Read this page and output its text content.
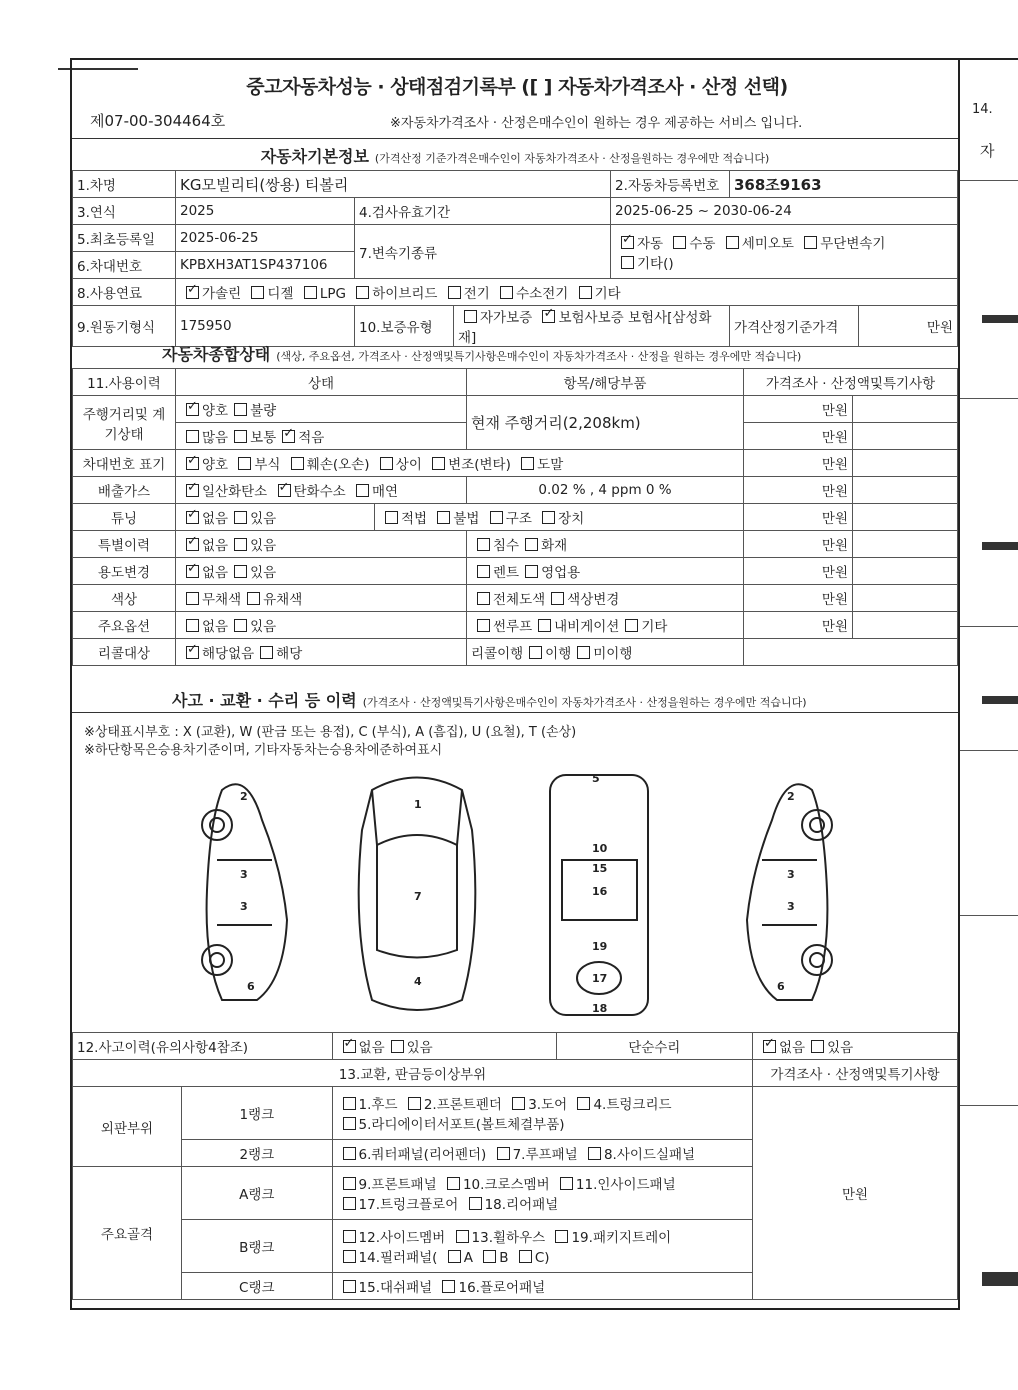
중고자동차성능 · 상태점검기록부 ([ ] 자동차가격조사 · 산정 선택)
제07-00-304464호	※자동차가격조사 · 산정은매수인이 원하는 경우 제공하는 서비스 입니다.
자동차기본정보 (가격산정 기준가격은매수인이 자동차가격조사 · 산정을원하는 경우에만 적습니다)
1.차명	KG모빌리티(쌍용) 티볼리			2.자동차등록번호	368조9163	
3.연식	2025	4.검사유효기간		2025-06-25 ~ 2030-06-24		
5.최초등록일	2025-06-25	7.변속기종류	✓자동 수동 세미오토 무단변속기
기타()
6.차대번호	KPBXH3AT1SP437106					
8.사용연료	✓가솔린 디젤 LPG 하이브리드 전기 수소전기 기타
9.원동기형식	175950	10.보증유형	자가보증 ✓ 보험사보증 보험사[삼성화재]		가격산정기준가격	만원
자동차종합상태 (색상, 주요옵션, 가격조사 · 산정액및특기사항은매수인이 자동차가격조사 · 산정을 원하는 경우에만 적습니다)
11.사용이력	상태		항목/해당부품	가격조사 · 산정액및특기사항	
주행거리및 계기상태	✓양호 불량		현재 주행거리(2,208km)	만원	
	많음 보통 ✓ 적음			만원	
차대번호 표기	✓양호 부식 훼손(오손) 상이 변조(변타) 도말			만원	
배출가스	✓일산화탄소 ✓ 탄화수소 매연		0.02 % , 4 ppm 0 %	만원	
튜닝	✓없음 있음	적법 불법 구조 장치		만원	
특별이력	✓없음 있음		침수 화재	만원	
용도변경	✓없음 있음		렌트 영업용	만원	
색상	무채색 유채색		전체도색 색상변경	만원	
주요옵션	없음 있음		썬루프 내비게이션 기타	만원	
리콜대상	✓해당없음 해당		리콜이행 이행 미이행		
사고 · 교환 · 수리 등 이력 (가격조사 · 산정액및특기사항은매수인이 자동차가격조사 · 산정을원하는 경우에만 적습니다)
※상태표시부호 : X (교환), W (판금 또는 용접), C (부식), A (흠집), U (요철), T (손상)
※하단항목은승용차기준이며, 기타자동차는승용차에준하여표시
2
3
3
6
1
7
4
5
10
15
16
19
17
18
2
3
3
6
12.사고이력(유의사항4참조)	✓없음 있음	단순수리	✓없음 있음
13.교환, 판금등이상부위				가격조사 · 산정액및특기사항
외판부위	1랭크	1.후드 2.프론트펜더 3.도어 4.트렁크리드
5.라디에이터서포트(볼트체결부품)		만원
	2랭크	6.쿼터패널(리어펜더) 7.루프패널 8.사이드실패널		
주요골격	A랭크	9.프론트패널 10.크로스멤버 11.인사이드패널
17.트렁크플로어 18.리어패널		
	B랭크	12.사이드멤버 13.휠하우스 19.패키지트레이
14.필러패널( A B C)		
	C랭크	15.대쉬패널 16.플로어패널		
14.
자
